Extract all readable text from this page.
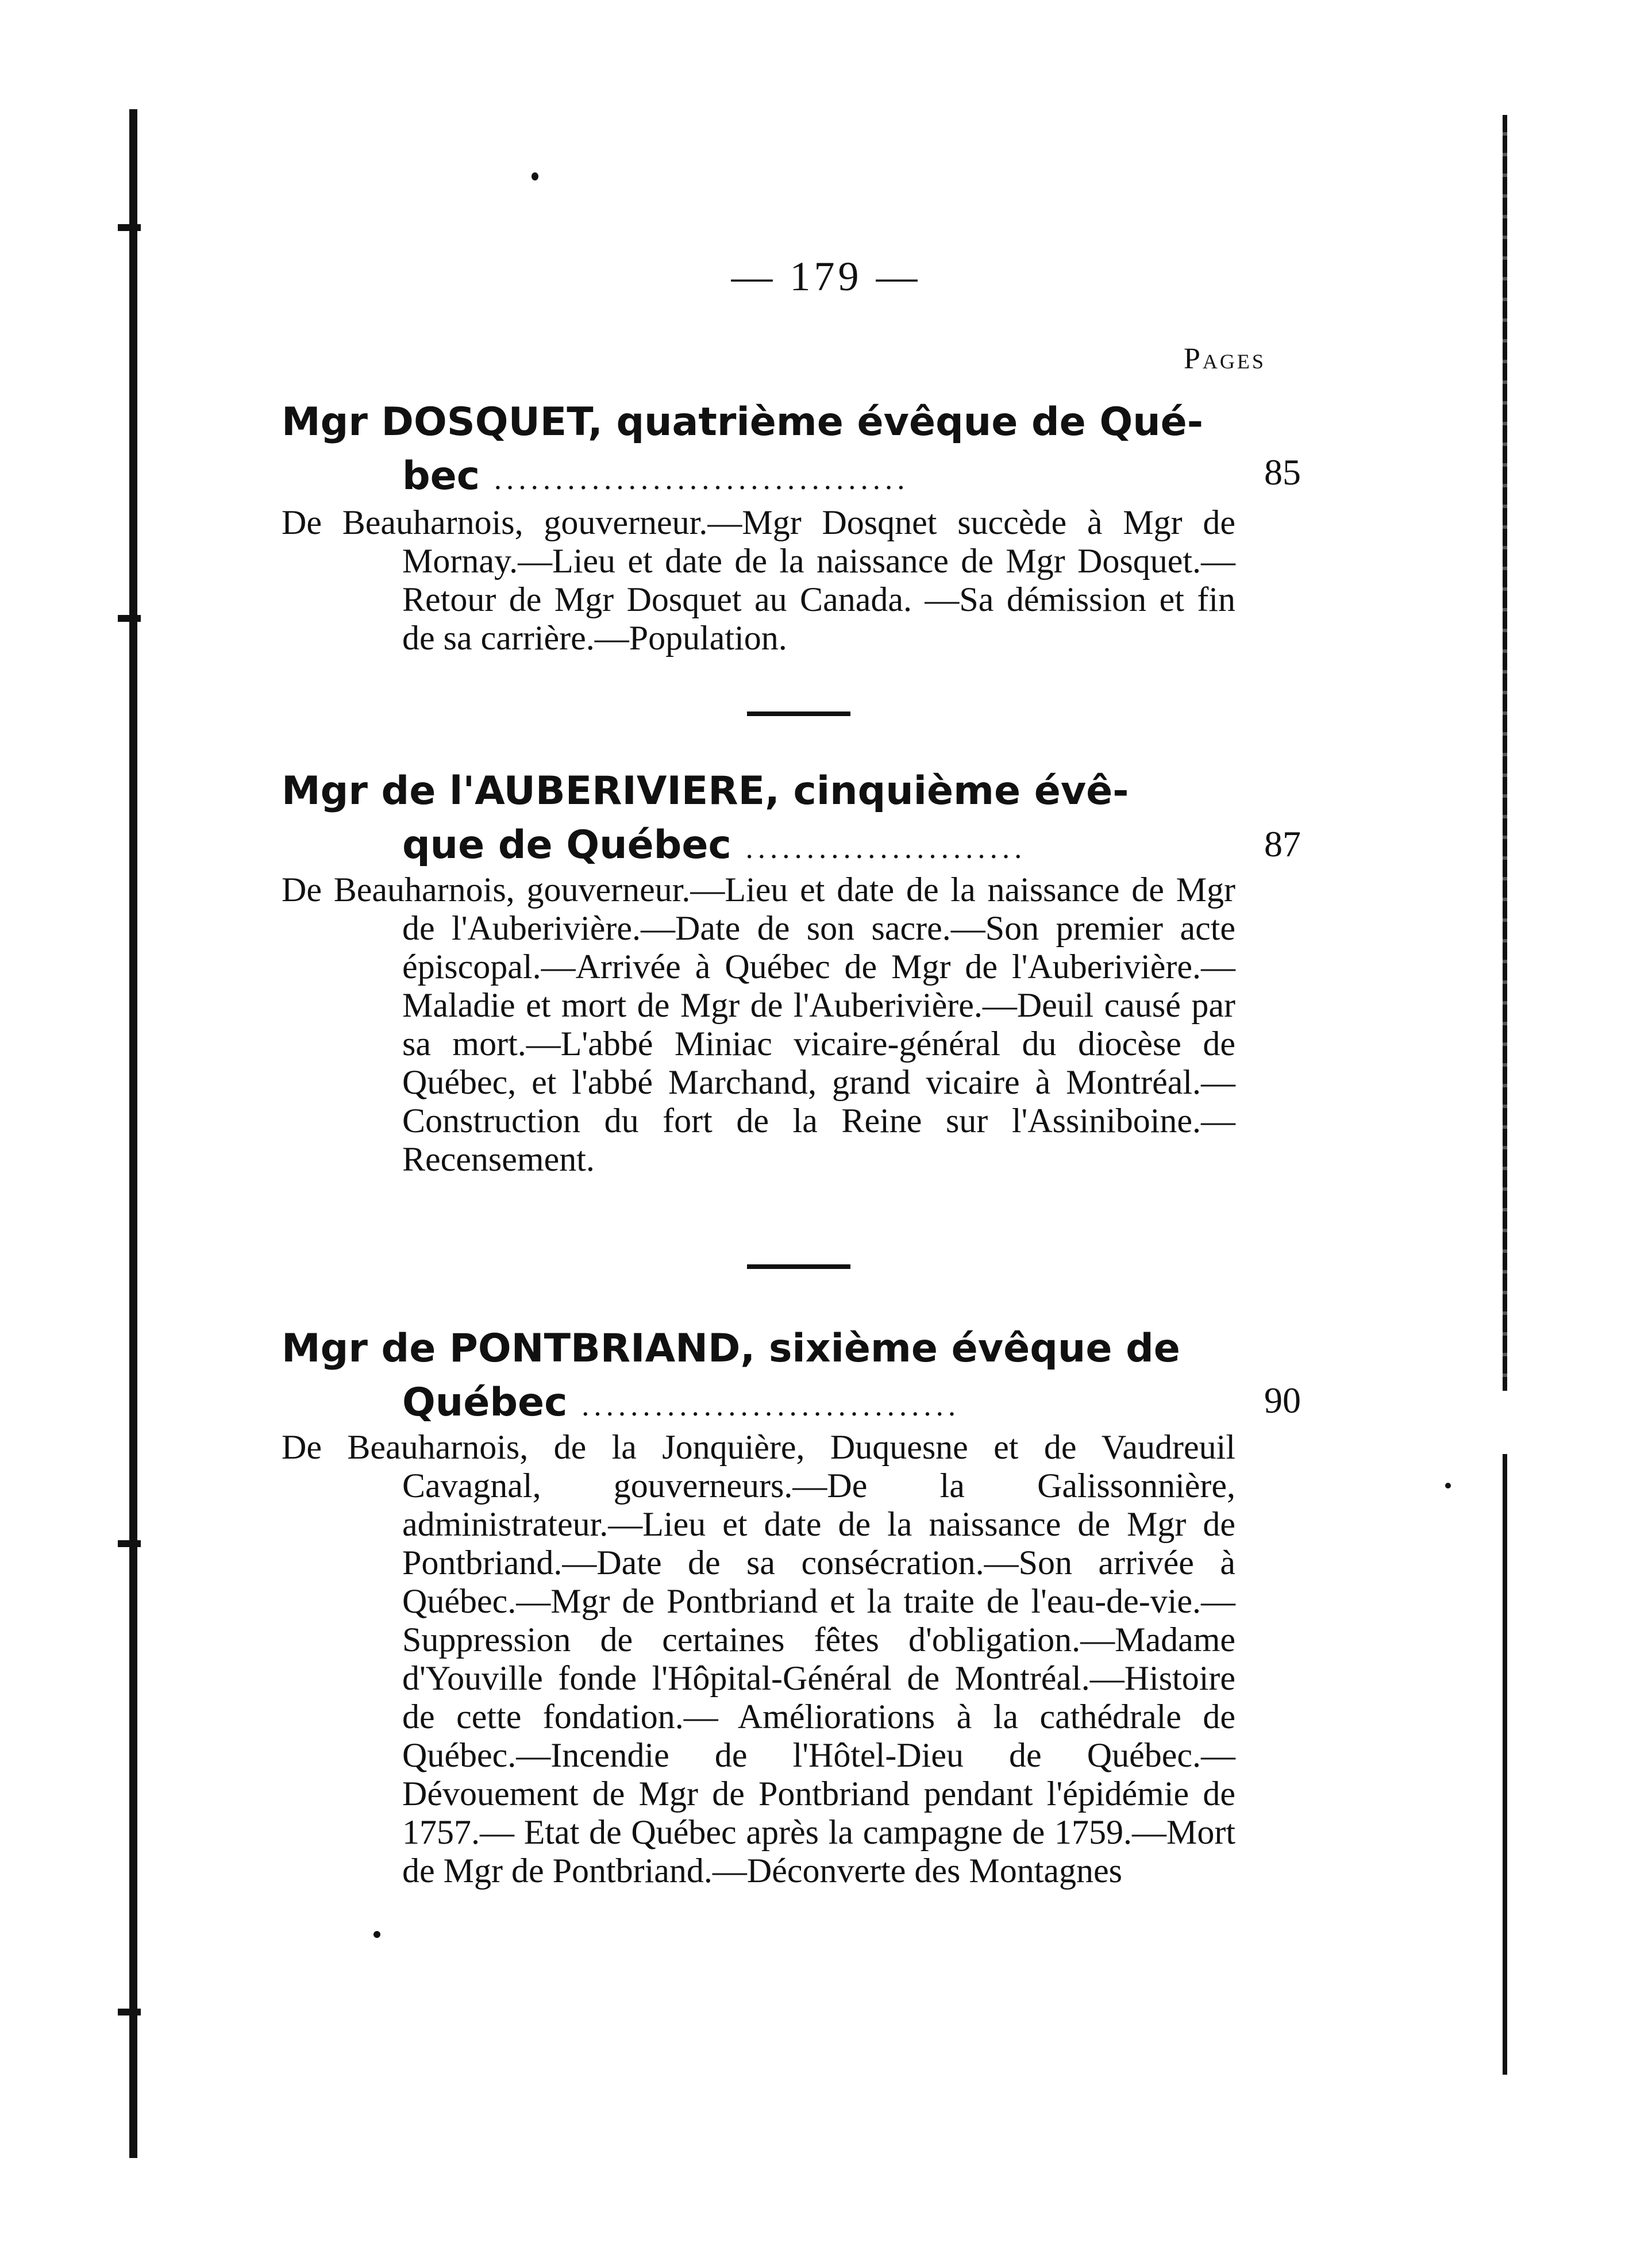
— 179 —
Pages
Mgr DOSQUET, quatrième évêque de Qué-
bec ..................................	85
De Beauharnois, gouverneur.—Mgr Dosqnet succède à Mgr de Mornay.—Lieu et date de la naissance de Mgr Dosquet.—Retour de Mgr Dosquet au Canada. —Sa démission et fin de sa carrière.—Population.
Mgr de l'AUBERIVIERE, cinquième évê-
que de Québec .......................	87
De Beauharnois, gouverneur.—Lieu et date de la naissance de Mgr de l'Auberivière.—Date de son sacre.—Son premier acte épiscopal.—Arrivée à Québec de Mgr de l'Auberivière.—Maladie et mort de Mgr de l'Auberivière.—Deuil causé par sa mort.—L'abbé Miniac vicaire-général du diocèse de Québec, et l'abbé Marchand, grand vicaire à Montréal.—Construction du fort de la Reine sur l'Assiniboine.— Recensement.
Mgr de PONTBRIAND, sixième évêque de
Québec ...............................	90
De Beauharnois, de la Jonquière, Duquesne et de Vaudreuil Cavagnal, gouverneurs.—De la Galissonnière, administrateur.—Lieu et date de la naissance de Mgr de Pontbriand.—Date de sa consécration.—Son arrivée à Québec.—Mgr de Pontbriand et la traite de l'eau-de-vie.—Suppression de certaines fêtes d'obligation.—Madame d'Youville fonde l'Hôpital-Général de Montréal.—Histoire de cette fondation.— Améliorations à la cathédrale de Québec.—Incendie de l'Hôtel-Dieu de Québec.—Dévouement de Mgr de Pontbriand pendant l'épidémie de 1757.— Etat de Québec après la campagne de 1759.—Mort de Mgr de Pontbriand.—Déconverte des Montagnes
